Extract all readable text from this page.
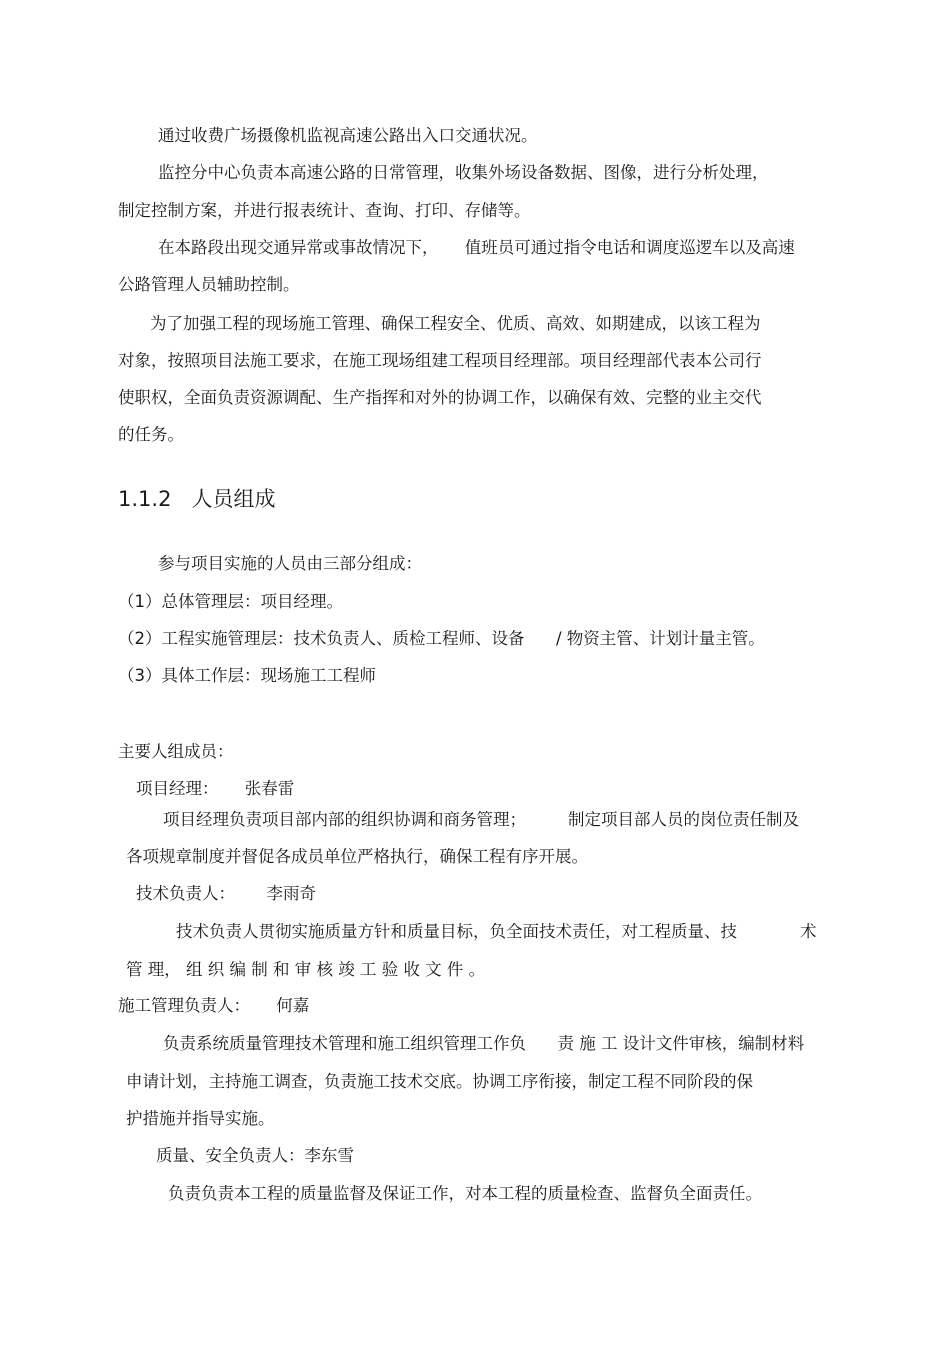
通过收费广场摄像机监视高速公路出入口交通状况。
监控分中心负责本高速公路的日常管理，收集外场设备数据、图像，进行分析处理，
制定控制方案，并进行报表统计、查询、打印、存储等。
在本路段出现交通异常或事故情况下，     值班员可通过指令电话和调度巡逻车以及高速
公路管理人员辅助控制。
为了加强工程的现场施工管理、确保工程安全、优质、高效、如期建成，以该工程为
对象，按照项目法施工要求，在施工现场组建工程项目经理部。项目经理部代表本公司行
使职权，全面负责资源调配、生产指挥和对外的协调工作，以确保有效、完整的业主交代
的任务。
1.1.2   人员组成
参与项目实施的人员由三部分组成：
（1）总体管理层：项目经理。
（2）工程实施管理层：技术负责人、质检工程师、设备      / 物资主管、计划计量主管。
（3）具体工作层：现场施工工程师
主要人组成员：
项目经理：     张春雷
项目经理负责项目部内部的组织协调和商务管理；        制定项目部人员的岗位责任制及
各项规章制度并督促各成员单位严格执行，确保工程有序开展。
技术负责人：      李雨奇
技术负责人贯彻实施质量方针和质量目标，负全面技术责任，对工程质量、技            术
管 理， 组 织 编 制 和 审 核 竣 工 验 收 文 件 。
施工管理负责人：     何嘉
负责系统质量管理技术管理和施工组织管理工作负      责 施 工 设计文件审核，编制材料
申请计划，主持施工调查，负责施工技术交底。协调工序衔接，制定工程不同阶段的保
护措施并指导实施。
质量、安全负责人：李东雪
负责负责本工程的质量监督及保证工作，对本工程的质量检查、监督负全面责任。
